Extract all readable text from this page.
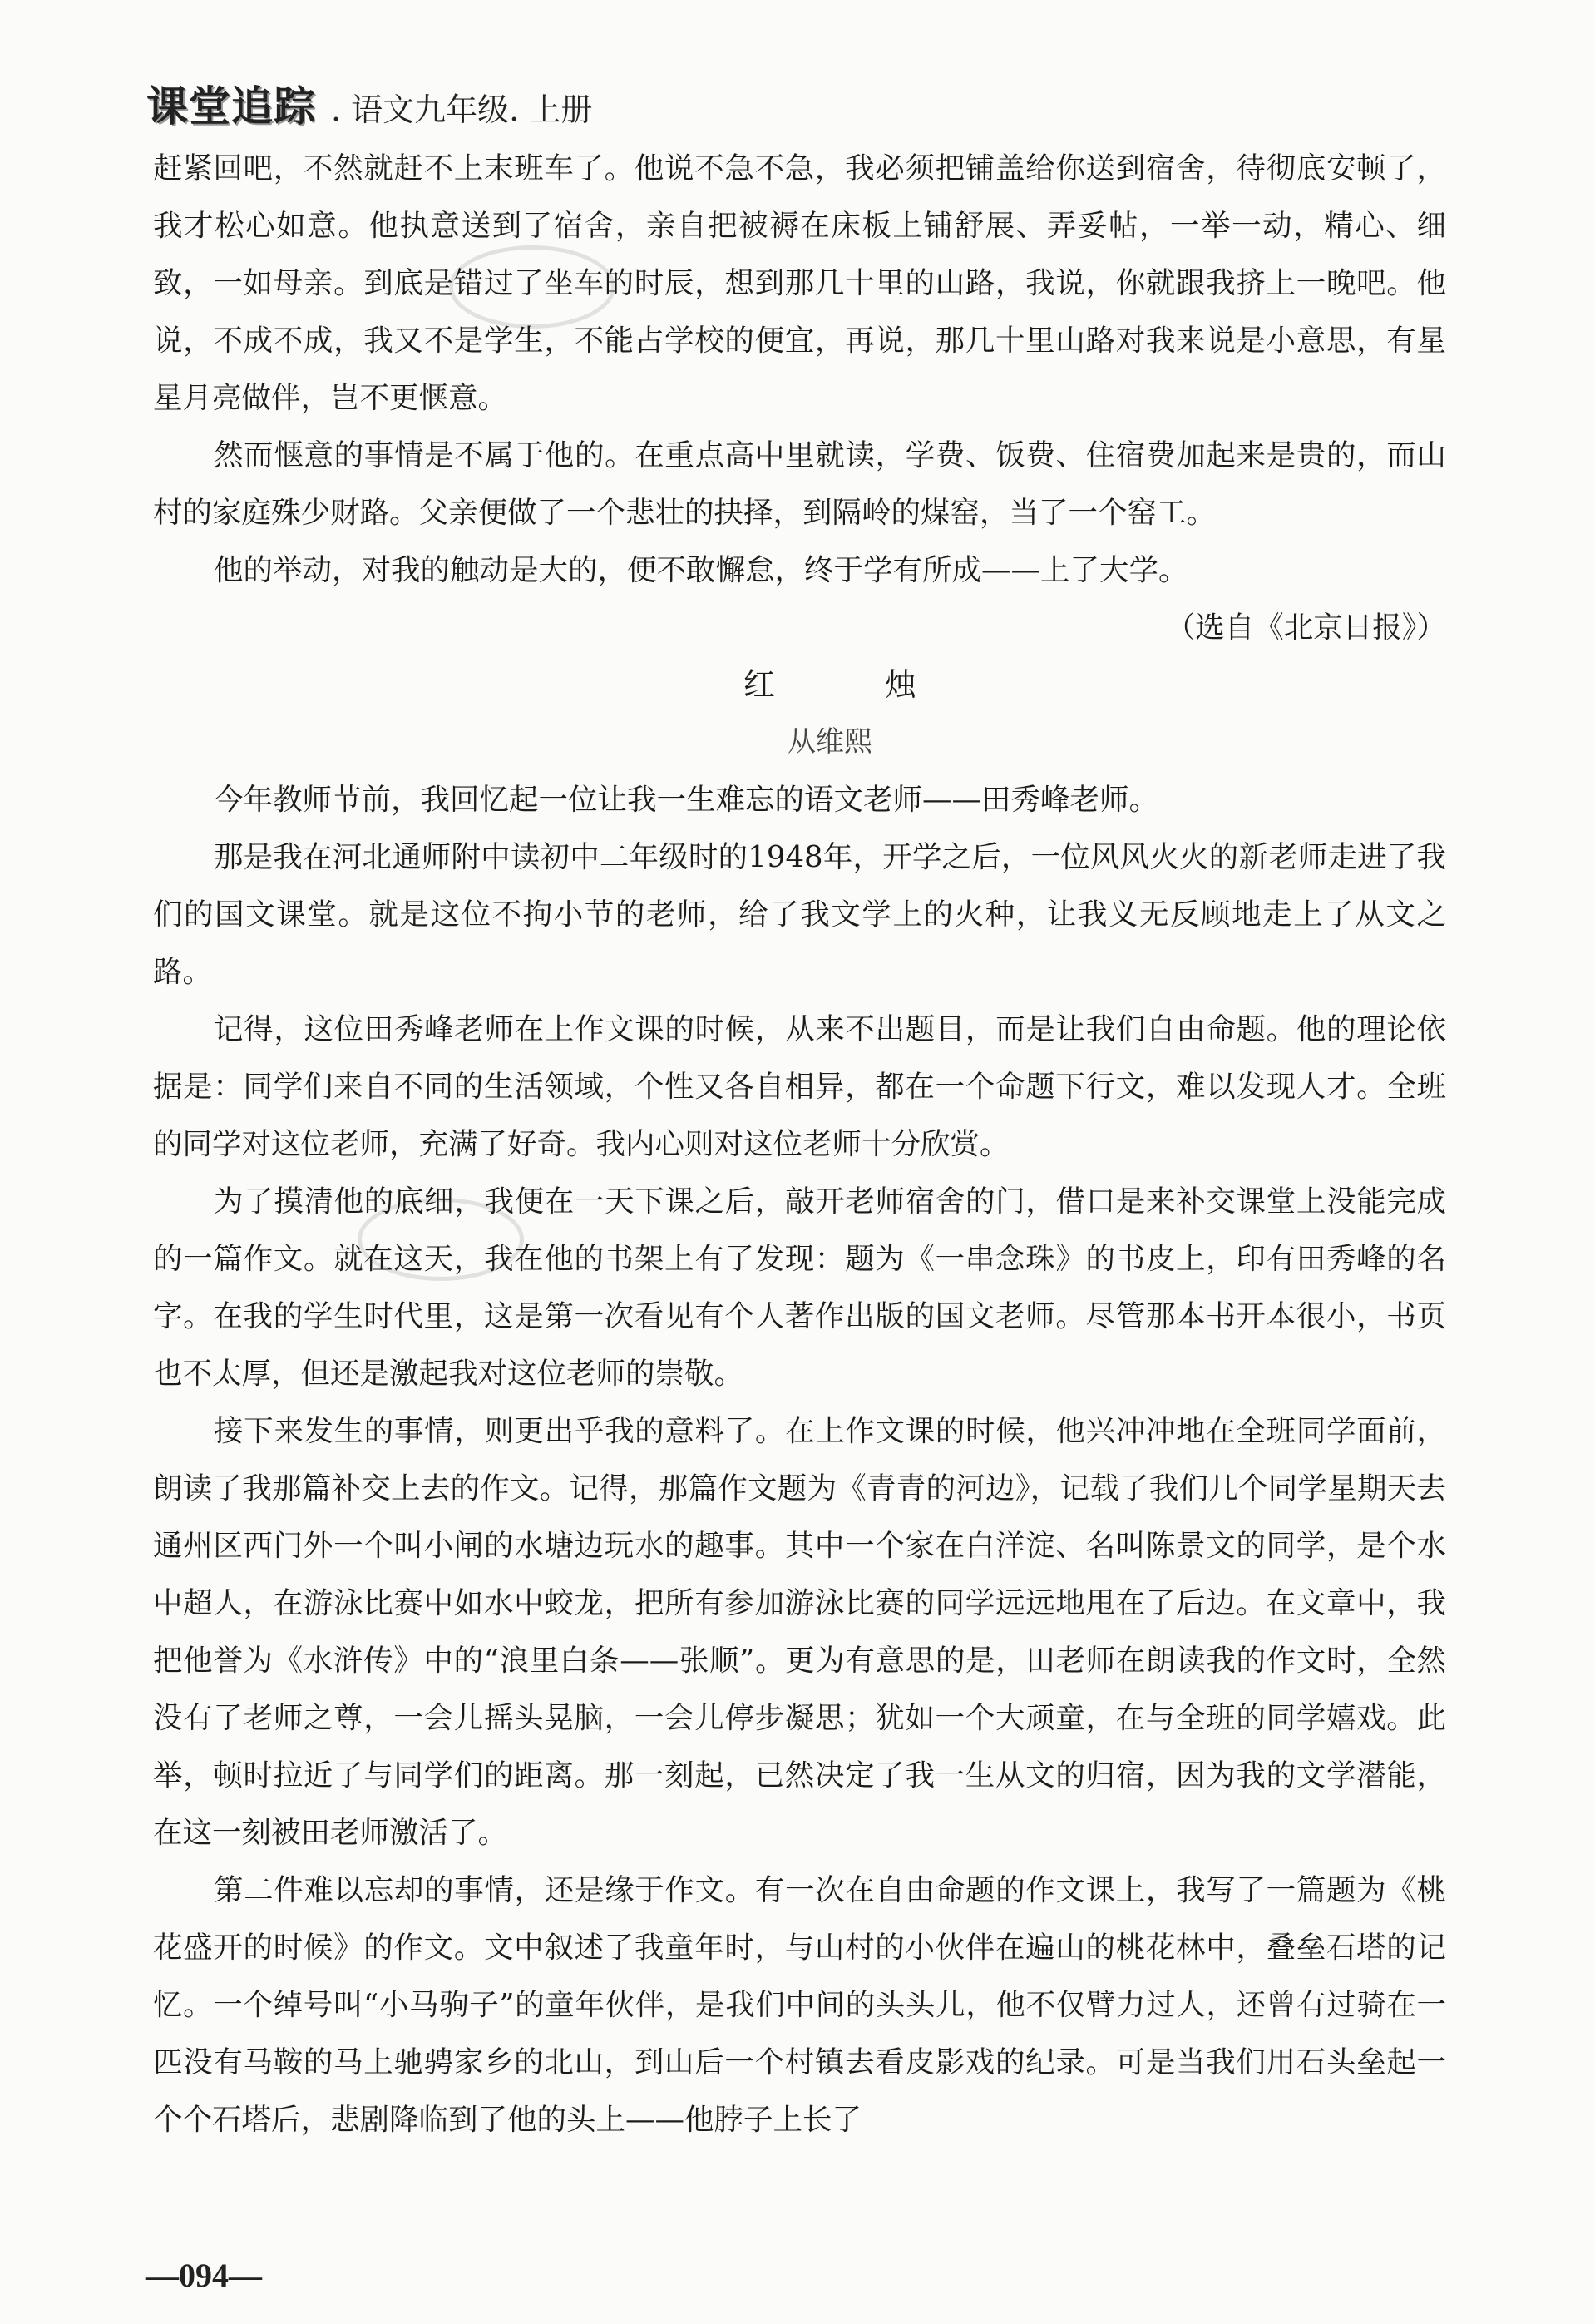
课堂追踪 . 语文九年级. 上册

赶紧回吧，不然就赶不上末班车了。他说不急不急，我必须把铺盖给你送到宿舍，待彻底安顿了，我才松心如意。他执意送到了宿舍，亲自把被褥在床板上铺舒展、弄妥帖，一举一动，精心、细致，一如母亲。到底是错过了坐车的时辰，想到那几十里的山路，我说，你就跟我挤上一晚吧。他说，不成不成，我又不是学生，不能占学校的便宜，再说，那几十里山路对我来说是小意思，有星星月亮做伴，岂不更惬意。

然而惬意的事情是不属于他的。在重点高中里就读，学费、饭费、住宿费加起来是贵的，而山村的家庭殊少财路。父亲便做了一个悲壮的抉择，到隔岭的煤窑，当了一个窑工。

他的举动，对我的触动是大的，便不敢懈怠，终于学有所成——上了大学。

（选自《北京日报》）

红 烛

从维熙

今年教师节前，我回忆起一位让我一生难忘的语文老师——田秀峰老师。

那是我在河北通师附中读初中二年级时的1948年，开学之后，一位风风火火的新老师走进了我们的国文课堂。就是这位不拘小节的老师，给了我文学上的火种，让我义无反顾地走上了从文之路。

记得，这位田秀峰老师在上作文课的时候，从来不出题目，而是让我们自由命题。他的理论依据是：同学们来自不同的生活领域，个性又各自相异，都在一个命题下行文，难以发现人才。全班的同学对这位老师，充满了好奇。我内心则对这位老师十分欣赏。

为了摸清他的底细，我便在一天下课之后，敲开老师宿舍的门，借口是来补交课堂上没能完成的一篇作文。就在这天，我在他的书架上有了发现：题为《一串念珠》的书皮上，印有田秀峰的名字。在我的学生时代里，这是第一次看见有个人著作出版的国文老师。尽管那本书开本很小，书页也不太厚，但还是激起我对这位老师的崇敬。

接下来发生的事情，则更出乎我的意料了。在上作文课的时候，他兴冲冲地在全班同学面前，朗读了我那篇补交上去的作文。记得，那篇作文题为《青青的河边》，记载了我们几个同学星期天去通州区西门外一个叫小闸的水塘边玩水的趣事。其中一个家在白洋淀、名叫陈景文的同学，是个水中超人，在游泳比赛中如水中蛟龙，把所有参加游泳比赛的同学远远地甩在了后边。在文章中，我把他誉为《水浒传》中的“浪里白条——张顺”。更为有意思的是，田老师在朗读我的作文时，全然没有了老师之尊，一会儿摇头晃脑，一会儿停步凝思；犹如一个大顽童，在与全班的同学嬉戏。此举，顿时拉近了与同学们的距离。那一刻起，已然决定了我一生从文的归宿，因为我的文学潜能，在这一刻被田老师激活了。

第二件难以忘却的事情，还是缘于作文。有一次在自由命题的作文课上，我写了一篇题为《桃花盛开的时候》的作文。文中叙述了我童年时，与山村的小伙伴在遍山的桃花林中，叠垒石塔的记忆。一个绰号叫“小马驹子”的童年伙伴，是我们中间的头头儿，他不仅臂力过人，还曾有过骑在一匹没有马鞍的马上驰骋家乡的北山，到山后一个村镇去看皮影戏的纪录。可是当我们用石头垒起一个个石塔后，悲剧降临到了他的头上——他脖子上长了

—094—
